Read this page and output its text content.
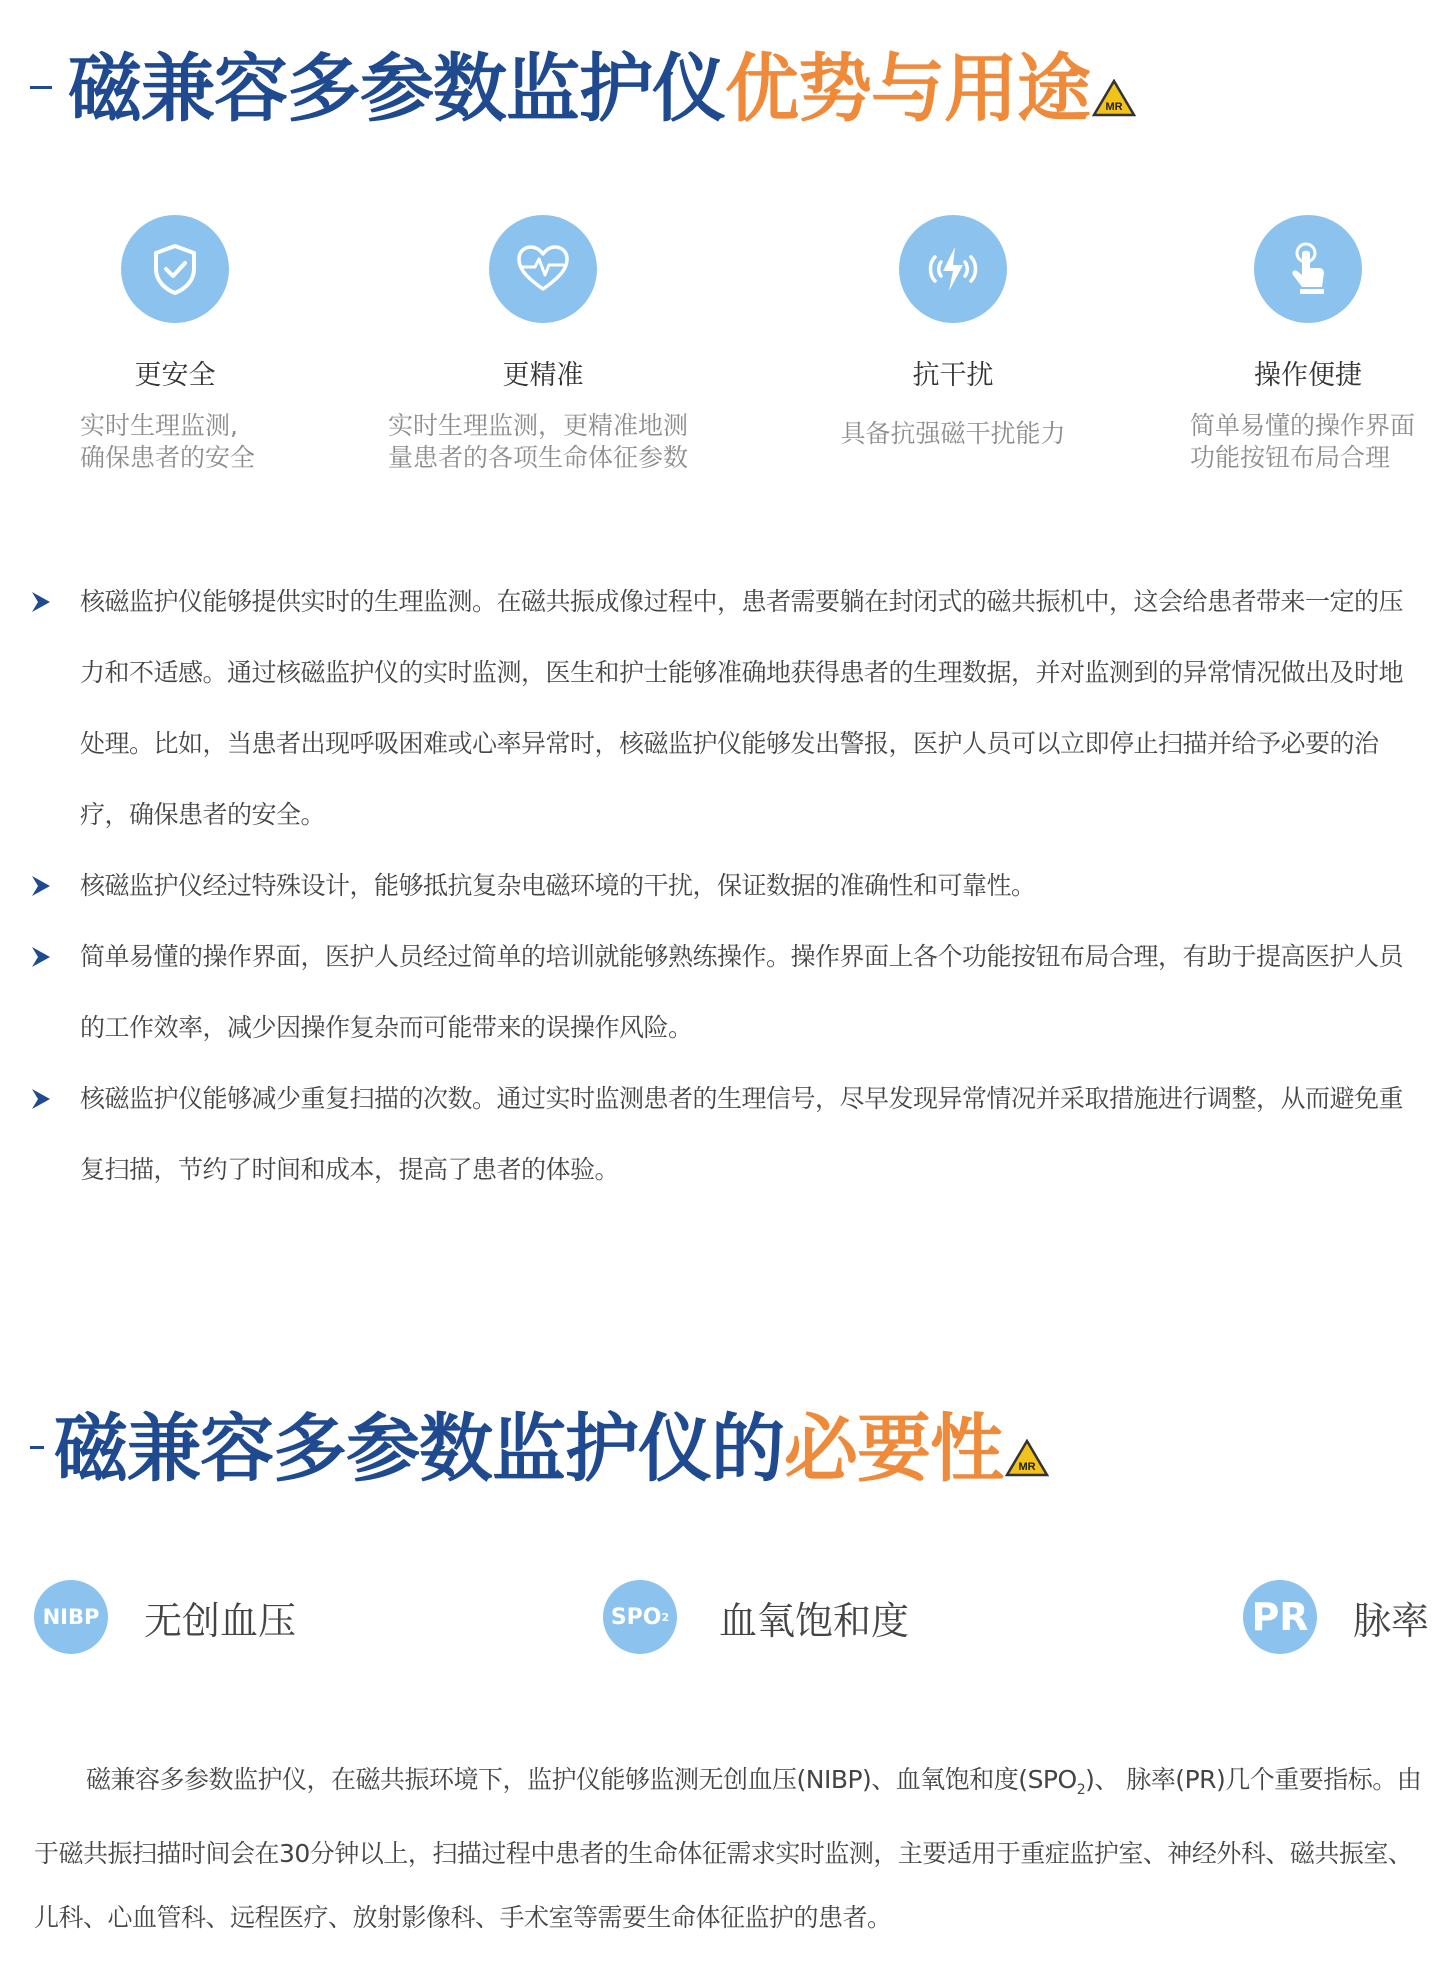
磁兼容多参数监护仪 优势与用途 MR
更安全
实时生理监测,
确保患者的安全
更精准
实时生理监测，更精准地测
量患者的各项生命体征参数
抗干扰
具备抗强磁干扰能力
操作便捷
简单易懂的操作界面
功能按钮布局合理
核磁监护仪能够提供实时的生理监测。在磁共振成像过程中，患者需要躺在封闭式的磁共振机中，这会给患者带来一定的压力和不适感。通过核磁监护仪的实时监测，医生和护士能够准确地获得患者的生理数据，并对监测到的异常情况做出及时地处理。比如，当患者出现呼吸困难或心率异常时，核磁监护仪能够发出警报，医护人员可以立即停止扫描并给予必要的治疗，确保患者的安全。
核磁监护仪经过特殊设计，能够抵抗复杂电磁环境的干扰，保证数据的准确性和可靠性。
简单易懂的操作界面，医护人员经过简单的培训就能够熟练操作。操作界面上各个功能按钮布局合理，有助于提高医护人员的工作效率，减少因操作复杂而可能带来的误操作风险。
核磁监护仪能够减少重复扫描的次数。通过实时监测患者的生理信号，尽早发现异常情况并采取措施进行调整，从而避免重复扫描，节约了时间和成本，提高了患者的体验。
磁兼容多参数监护仪的 必要性 MR
NIBP 无创血压	SPO 2 血氧饱和度	PR 脉率
磁兼容多参数监护仪，在磁共振环境下，监护仪能够监测无创血压(NIBP)、血氧饱和度$(SPO_2)$、 脉率(PR)几个重要指标。由于磁共振扫描时间会在30分钟以上，扫描过程中患者的生命体征需求实时监测，主要适用于重症监护室、神经外科、磁共振室、儿科、心血管科、远程医疗、放射影像科、手术室等需要生命体征监护的患者。
